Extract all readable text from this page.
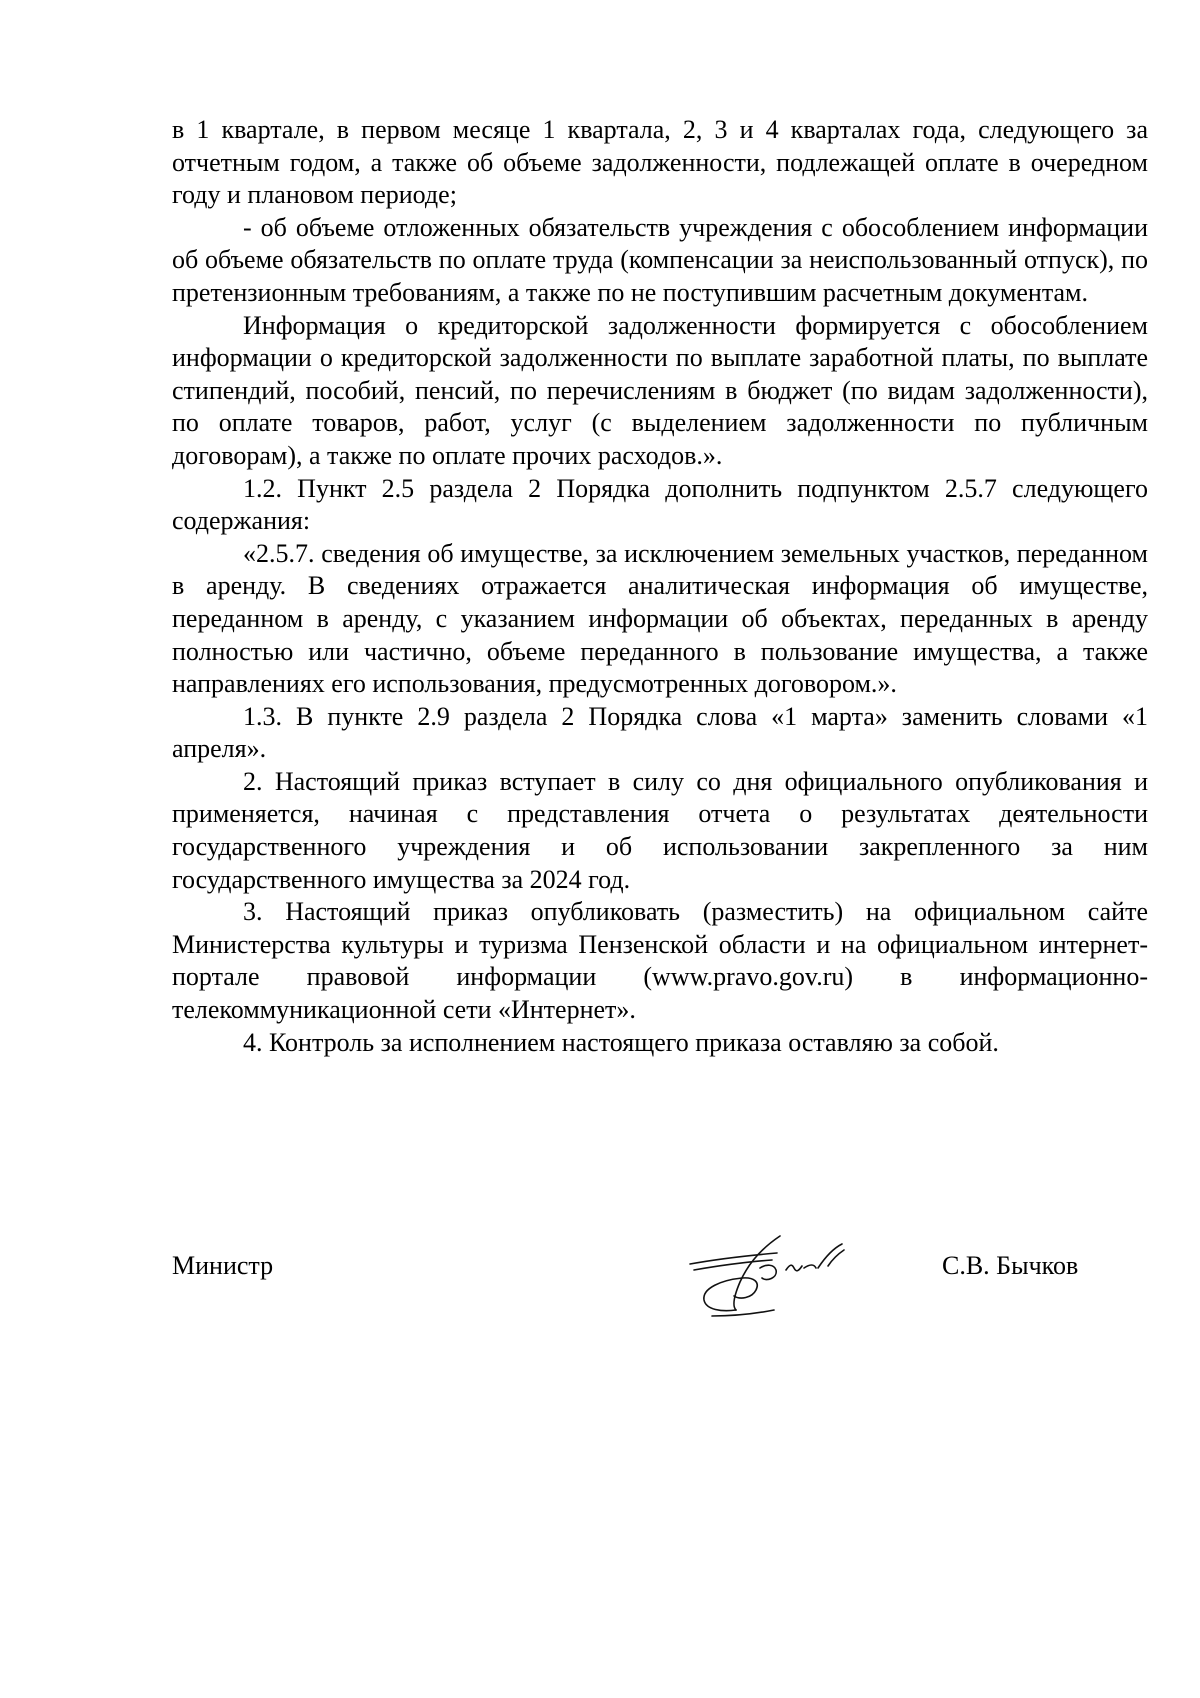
в 1 квартале, в первом месяце 1 квартала, 2, 3 и 4 кварталах года, следующего за отчетным годом, а также об объеме задолженности, подлежащей оплате в очередном году и плановом периоде;

- об объеме отложенных обязательств учреждения с обособлением информации об объеме обязательств по оплате труда (компенсации за неиспользованный отпуск), по претензионным требованиям, а также по не поступившим расчетным документам.

Информация о кредиторской задолженности формируется с обособлением информации о кредиторской задолженности по выплате заработной платы, по выплате стипендий, пособий, пенсий, по перечислениям в бюджет (по видам задолженности), по оплате товаров, работ, услуг (с выделением задолженности по публичным договорам), а также по оплате прочих расходов.».

1.2. Пункт 2.5 раздела 2 Порядка дополнить подпунктом 2.5.7 следующего содержания:

«2.5.7. сведения об имуществе, за исключением земельных участков, переданном в аренду. В сведениях отражается аналитическая информация об имуществе, переданном в аренду, с указанием информации об объектах, переданных в аренду полностью или частично, объеме переданного в пользование имущества, а также направлениях его использования, предусмотренных договором.».

1.3. В пункте 2.9 раздела 2 Порядка слова «1 марта» заменить словами «1 апреля».

2. Настоящий приказ вступает в силу со дня официального опубликования и применяется, начиная с представления отчета о результатах деятельности государственного учреждения и об использовании закрепленного за ним государственного имущества за 2024 год.

3. Настоящий приказ опубликовать (разместить) на официальном сайте Министерства культуры и туризма Пензенской области и на официальном интернет-портале правовой информации (www.pravo.gov.ru) в информационно-телекоммуникационной сети «Интернет».

4. Контроль за исполнением настоящего приказа оставляю за собой.

Министр	С.В. Бычков
